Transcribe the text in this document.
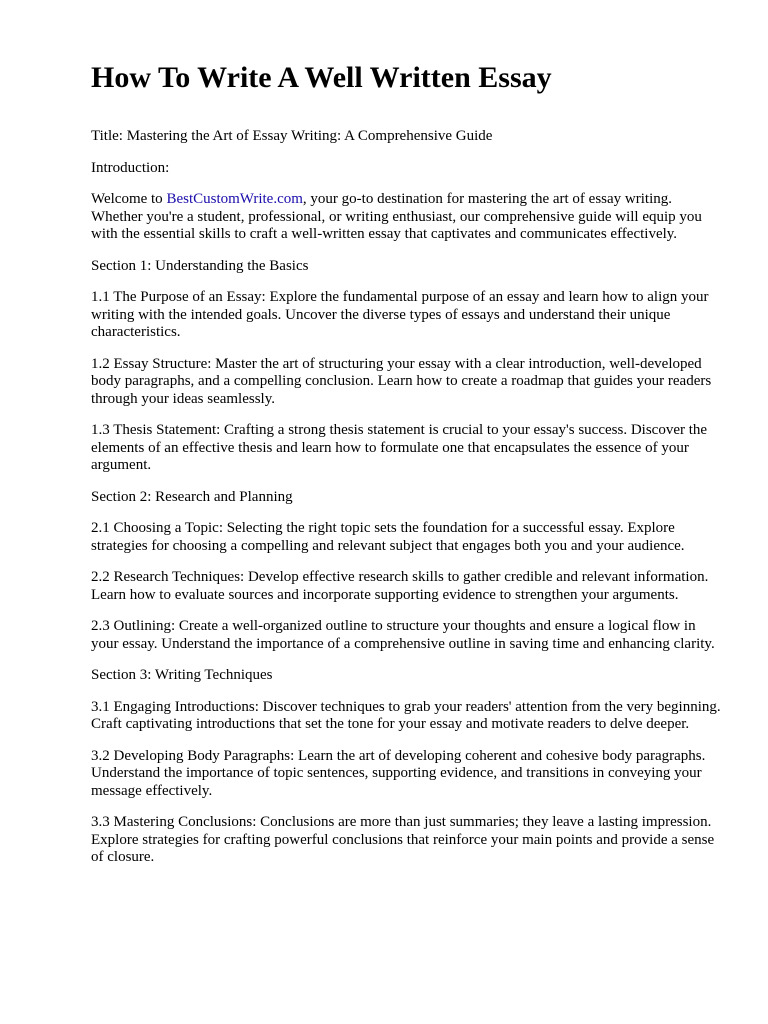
How To Write A Well Written Essay

Title: Mastering the Art of Essay Writing: A Comprehensive Guide

Introduction:

Welcome to BestCustomWrite.com, your go-to destination for mastering the art of essay writing. Whether you're a student, professional, or writing enthusiast, our comprehensive guide will equip you with the essential skills to craft a well-written essay that captivates and communicates effectively.

Section 1: Understanding the Basics

1.1 The Purpose of an Essay: Explore the fundamental purpose of an essay and learn how to align your writing with the intended goals. Uncover the diverse types of essays and understand their unique characteristics.

1.2 Essay Structure: Master the art of structuring your essay with a clear introduction, well-developed body paragraphs, and a compelling conclusion. Learn how to create a roadmap that guides your readers through your ideas seamlessly.

1.3 Thesis Statement: Crafting a strong thesis statement is crucial to your essay's success. Discover the elements of an effective thesis and learn how to formulate one that encapsulates the essence of your argument.

Section 2: Research and Planning

2.1 Choosing a Topic: Selecting the right topic sets the foundation for a successful essay. Explore strategies for choosing a compelling and relevant subject that engages both you and your audience.

2.2 Research Techniques: Develop effective research skills to gather credible and relevant information. Learn how to evaluate sources and incorporate supporting evidence to strengthen your arguments.

2.3 Outlining: Create a well-organized outline to structure your thoughts and ensure a logical flow in your essay. Understand the importance of a comprehensive outline in saving time and enhancing clarity.

Section 3: Writing Techniques

3.1 Engaging Introductions: Discover techniques to grab your readers' attention from the very beginning. Craft captivating introductions that set the tone for your essay and motivate readers to delve deeper.

3.2 Developing Body Paragraphs: Learn the art of developing coherent and cohesive body paragraphs. Understand the importance of topic sentences, supporting evidence, and transitions in conveying your message effectively.

3.3 Mastering Conclusions: Conclusions are more than just summaries; they leave a lasting impression. Explore strategies for crafting powerful conclusions that reinforce your main points and provide a sense of closure.
